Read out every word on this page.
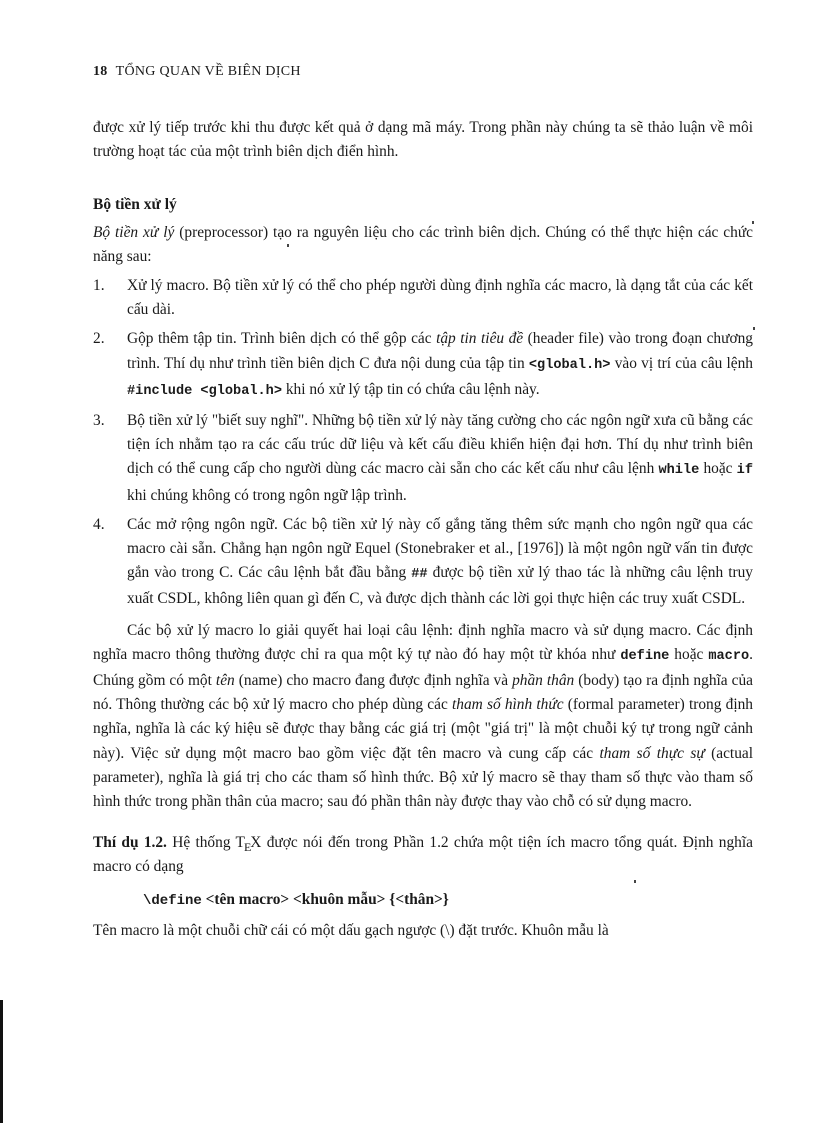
18 TỔNG QUAN VỀ BIÊN DỊCH

được xử lý tiếp trước khi thu được kết quả ở dạng mã máy. Trong phần này chúng ta sẽ thảo luận về môi trường hoạt tác của một trình biên dịch điển hình.

Bộ tiền xử lý

Bộ tiền xử lý (preprocessor) tạo ra nguyên liệu cho các trình biên dịch. Chúng có thể thực hiện các chức năng sau:

1.	Xử lý macro. Bộ tiền xử lý có thể cho phép người dùng định nghĩa các macro, là dạng tắt của các kết cấu dài.
2.	Gộp thêm tập tin. Trình biên dịch có thể gộp các tập tin tiêu đề (header file) vào trong đoạn chương trình. Thí dụ như trình tiền biên dịch C đưa nội dung của tập tin <global.h> vào vị trí của câu lệnh #include <global.h> khi nó xử lý tập tin có chứa câu lệnh này.
3.	Bộ tiền xử lý "biết suy nghĩ". Những bộ tiền xử lý này tăng cường cho các ngôn ngữ xưa cũ bằng các tiện ích nhằm tạo ra các cấu trúc dữ liệu và kết cấu điều khiển hiện đại hơn. Thí dụ như trình biên dịch có thể cung cấp cho người dùng các macro cài sẵn cho các kết cấu như câu lệnh while hoặc if khi chúng không có trong ngôn ngữ lập trình.
4.	Các mở rộng ngôn ngữ. Các bộ tiền xử lý này cố gắng tăng thêm sức mạnh cho ngôn ngữ qua các macro cài sẵn. Chẳng hạn ngôn ngữ Equel (Stonebraker et al., [1976]) là một ngôn ngữ vấn tin được gắn vào trong C. Các câu lệnh bắt đầu bằng ## được bộ tiền xử lý thao tác là những câu lệnh truy xuất CSDL, không liên quan gì đến C, và được dịch thành các lời gọi thực hiện các truy xuất CSDL.

Các bộ xử lý macro lo giải quyết hai loại câu lệnh: định nghĩa macro và sử dụng macro. Các định nghĩa macro thông thường được chỉ ra qua một ký tự nào đó hay một từ khóa như define hoặc macro. Chúng gồm có một tên (name) cho macro đang được định nghĩa và phần thân (body) tạo ra định nghĩa của nó. Thông thường các bộ xử lý macro cho phép dùng các tham số hình thức (formal parameter) trong định nghĩa, nghĩa là các ký hiệu sẽ được thay bằng các giá trị (một "giá trị" là một chuỗi ký tự trong ngữ cảnh này). Việc sử dụng một macro bao gồm việc đặt tên macro và cung cấp các tham số thực sự (actual parameter), nghĩa là giá trị cho các tham số hình thức. Bộ xử lý macro sẽ thay tham số thực vào tham số hình thức trong phần thân của macro; sau đó phần thân này được thay vào chỗ có sử dụng macro.

Thí dụ 1.2. Hệ thống $T_EX$ được nói đến trong Phần 1.2 chứa một tiện ích macro tổng quát. Định nghĩa macro có dạng

\define <tên macro> <khuôn mẫu> {<thân>}

Tên macro là một chuỗi chữ cái có một dấu gạch ngược (\) đặt trước. Khuôn mẫu là
